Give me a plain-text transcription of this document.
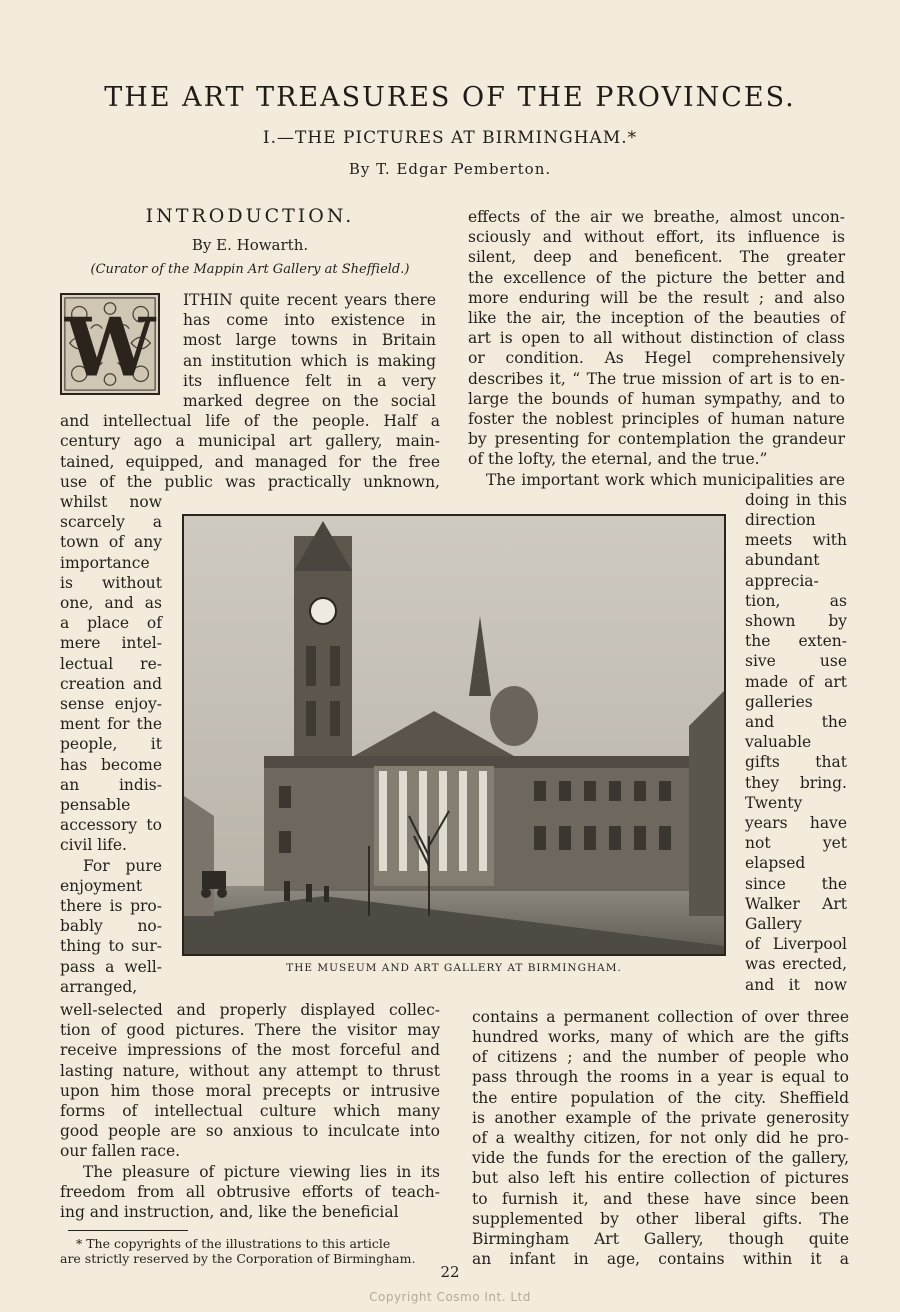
THE ART TREASURES OF THE PROVINCES.
I.—THE PICTURES AT BIRMINGHAM.*
By T. Edgar Pemberton.
INTRODUCTION.
By E. Howarth.
(Curator of the Mappin Art Gallery at Sheffield.)
W
ITHIN quite recent years there
has come into existence in
most large towns in Britain
an institution which is making
its influence felt in a very
marked degree on the social
and intellectual life of the people. Half a
century ago a municipal art gallery, main-
tained, equipped, and managed for the free
use of the public was practically unknown,
whilst now
scarcely a
town of any
importance
is without
one, and as
a place of
mere intel-
lectual re-
creation and
sense enjoy-
ment for the
people, it
has become
an indis-
pensable
accessory to
civil life.
For pure
enjoyment
there is pro-
bably no-
thing to sur-
pass a well-
arranged,
well-selected and properly displayed collec-
tion of good pictures. There the visitor may
receive impressions of the most forceful and
lasting nature, without any attempt to thrust
upon him those moral precepts or intrusive
forms of intellectual culture which many
good people are so anxious to inculcate into
our fallen race.
The pleasure of picture viewing lies in its
freedom from all obtrusive efforts of teach-
ing and instruction, and, like the beneficial
effects of the air we breathe, almost uncon-
sciously and without effort, its influence is
silent, deep and beneficent. The greater
the excellence of the picture the better and
more enduring will be the result ; and also
like the air, the inception of the beauties of
art is open to all without distinction of class
or condition. As Hegel comprehensively
describes it, “ The true mission of art is to en-
large the bounds of human sympathy, and to
foster the noblest principles of human nature
by presenting for contemplation the grandeur
of the lofty, the eternal, and the true.”
The important work which municipalities are
doing in this
direction
meets with
abundant
apprecia-
tion, as
shown by
the exten-
sive use
made of art
galleries
and the
valuable
gifts that
they bring.
Twenty
years have
not yet
elapsed
since the
Walker Art
Gallery
of Liverpool
was erected,
and it now
contains a permanent collection of over three
hundred works, many of which are the gifts
of citizens ; and the number of people who
pass through the rooms in a year is equal to
the entire population of the city. Sheffield
is another example of the private generosity
of a wealthy citizen, for not only did he pro-
vide the funds for the erection of the gallery,
but also left his entire collection of pictures
to furnish it, and these have since been
supplemented by other liberal gifts. The
Birmingham Art Gallery, though quite
an infant in age, contains within it a
THE MUSEUM AND ART GALLERY AT BIRMINGHAM.
* The copyrights of the illustrations to this article
are strictly reserved by the Corporation of Birmingham.
22
Copyright Cosmo Int. Ltd
